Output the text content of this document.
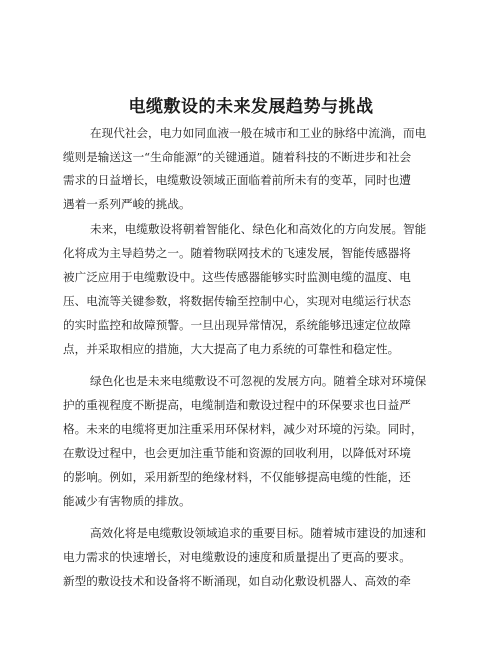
电缆敷设的未来发展趋势与挑战
在现代社会，电力如同血液一般在城市和工业的脉络中流淌，而电
缆则是输送这一“生命能源”的关键通道。随着科技的不断进步和社会
需求的日益增长，电缆敷设领域正面临着前所未有的变革，同时也遭
遇着一系列严峻的挑战。
未来，电缆敷设将朝着智能化、绿色化和高效化的方向发展。智能
化将成为主导趋势之一。随着物联网技术的飞速发展，智能传感器将
被广泛应用于电缆敷设中。这些传感器能够实时监测电缆的温度、电
压、电流等关键参数，将数据传输至控制中心，实现对电缆运行状态
的实时监控和故障预警。一旦出现异常情况，系统能够迅速定位故障
点，并采取相应的措施，大大提高了电力系统的可靠性和稳定性。
绿色化也是未来电缆敷设不可忽视的发展方向。随着全球对环境保
护的重视程度不断提高，电缆制造和敷设过程中的环保要求也日益严
格。未来的电缆将更加注重采用环保材料，减少对环境的污染。同时，
在敷设过程中，也会更加注重节能和资源的回收利用，以降低对环境
的影响。例如，采用新型的绝缘材料，不仅能够提高电缆的性能，还
能减少有害物质的排放。
高效化将是电缆敷设领域追求的重要目标。随着城市建设的加速和
电力需求的快速增长，对电缆敷设的速度和质量提出了更高的要求。
新型的敷设技术和设备将不断涌现，如自动化敷设机器人、高效的牵
